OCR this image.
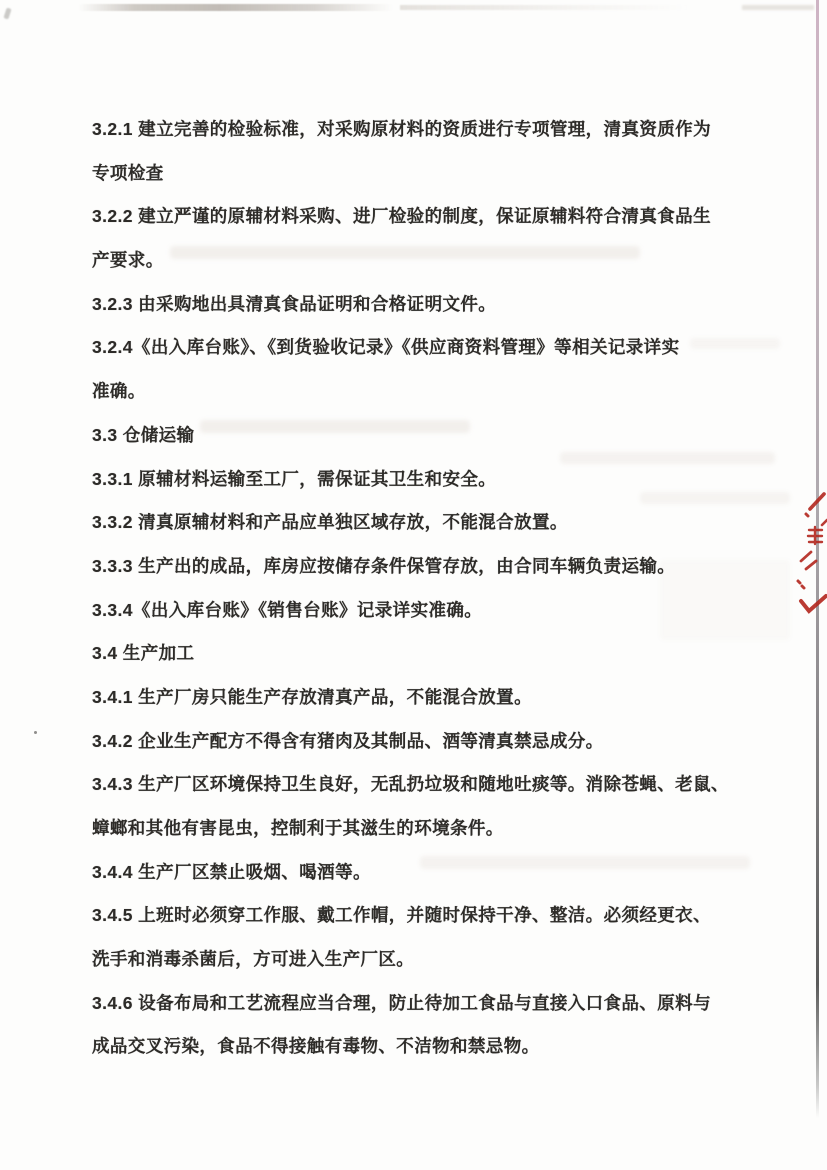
3.2.1 建立完善的检验标准，对采购原材料的资质进行专项管理，清真资质作为
专项检查
3.2.2 建立严谨的原辅材料采购、进厂检验的制度，保证原辅料符合清真食品生
产要求。
3.2.3 由采购地出具清真食品证明和合格证明文件。
3.2.4《出入库台账》、《到货验收记录》《供应商资料管理》等相关记录详实
准确。
3.3 仓储运输
3.3.1 原辅材料运输至工厂，需保证其卫生和安全。
3.3.2 清真原辅材料和产品应单独区域存放，不能混合放置。
3.3.3 生产出的成品，库房应按储存条件保管存放，由合同车辆负责运输。
3.3.4《出入库台账》《销售台账》记录详实准确。
3.4 生产加工
3.4.1 生产厂房只能生产存放清真产品，不能混合放置。
3.4.2 企业生产配方不得含有猪肉及其制品、酒等清真禁忌成分。
3.4.3 生产厂区环境保持卫生良好，无乱扔垃圾和随地吐痰等。消除苍蝇、老鼠、
蟑螂和其他有害昆虫，控制利于其滋生的环境条件。
3.4.4 生产厂区禁止吸烟、喝酒等。
3.4.5 上班时必须穿工作服、戴工作帽，并随时保持干净、整洁。必须经更衣、
洗手和消毒杀菌后，方可进入生产厂区。
3.4.6 设备布局和工艺流程应当合理，防止待加工食品与直接入口食品、原料与
成品交叉污染，食品不得接触有毒物、不洁物和禁忌物。
